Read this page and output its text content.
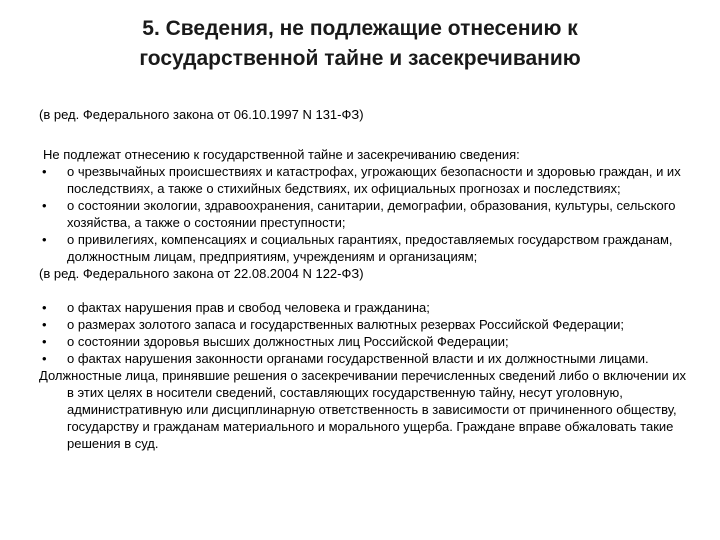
5. Сведения, не подлежащие отнесению к
государственной тайне и засекречиванию
(в ред. Федерального закона от 06.10.1997 N 131-ФЗ)

Не подлежат отнесению к государственной тайне и засекречиванию сведения:

• о чрезвычайных происшествиях и катастрофах, угрожающих безопасности и здоровью граждан, и их последствиях, а также о стихийных бедствиях, их официальных прогнозах и последствиях;
• о состоянии экологии, здравоохранения, санитарии, демографии, образования, культуры, сельского хозяйства, а также о состоянии преступности;
• о привилегиях, компенсациях и социальных гарантиях, предоставляемых государством гражданам, должностным лицам, предприятиям, учреждениям и организациям;

(в ред. Федерального закона от 22.08.2004 N 122-ФЗ)

• о фактах нарушения прав и свобод человека и гражданина;
• о размерах золотого запаса и государственных валютных резервах Российской Федерации;
• о состоянии здоровья высших должностных лиц Российской Федерации;
• о фактах нарушения законности органами государственной власти и их должностными лицами.

Должностные лица, принявшие решения о засекречивании перечисленных сведений либо о включении их в этих целях в носители сведений, составляющих государственную тайну, несут уголовную, административную или дисциплинарную ответственность в зависимости от причиненного обществу, государству и гражданам материального и морального ущерба. Граждане вправе обжаловать такие решения в суд.
